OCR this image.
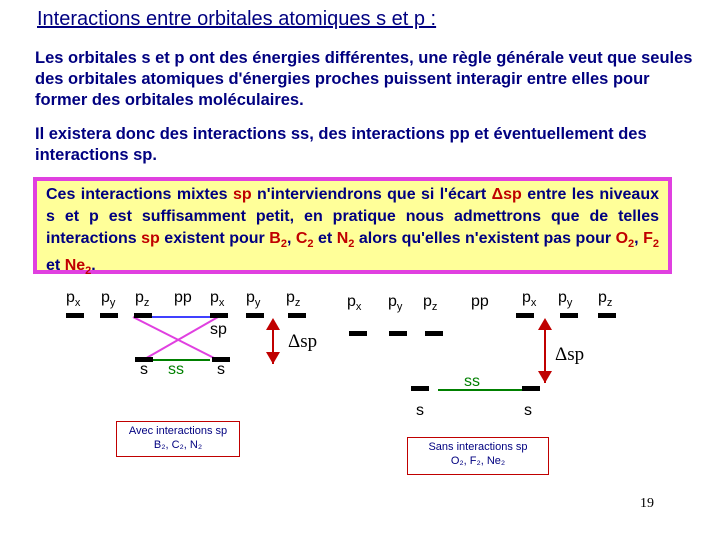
Interactions entre orbitales atomiques s et p :
Les orbitales s et p ont des énergies différentes, une règle générale veut que seules des orbitales atomiques d'énergies proches puissent interagir entre elles pour former des orbitales moléculaires.
Il existera donc des interactions ss, des interactions pp et éventuellement des interactions sp.
Ces interactions mixtes sp n'interviendrons que si l'écart Δsp entre les niveaux s et p est suffisamment petit, en pratique nous admettrons que de telles interactions sp existent pour $B_2$, $C_2$ et $N_2$ alors qu'elles n'existent pas pour $O_2$, $F_2$ et $Ne_2$.
$p_x$ $p_y$ $p_z$ pp $p_x$ $p_y$ $p_z$
sp
Δsp
s ss s
Avec interactions sp
B₂, C₂, N₂
$p_x$ $p_y$ $p_z$ pp $p_x$ $p_y$ $p_z$
Δsp
ss
s	s
Sans interactions sp
O₂, F₂, Ne₂
19
